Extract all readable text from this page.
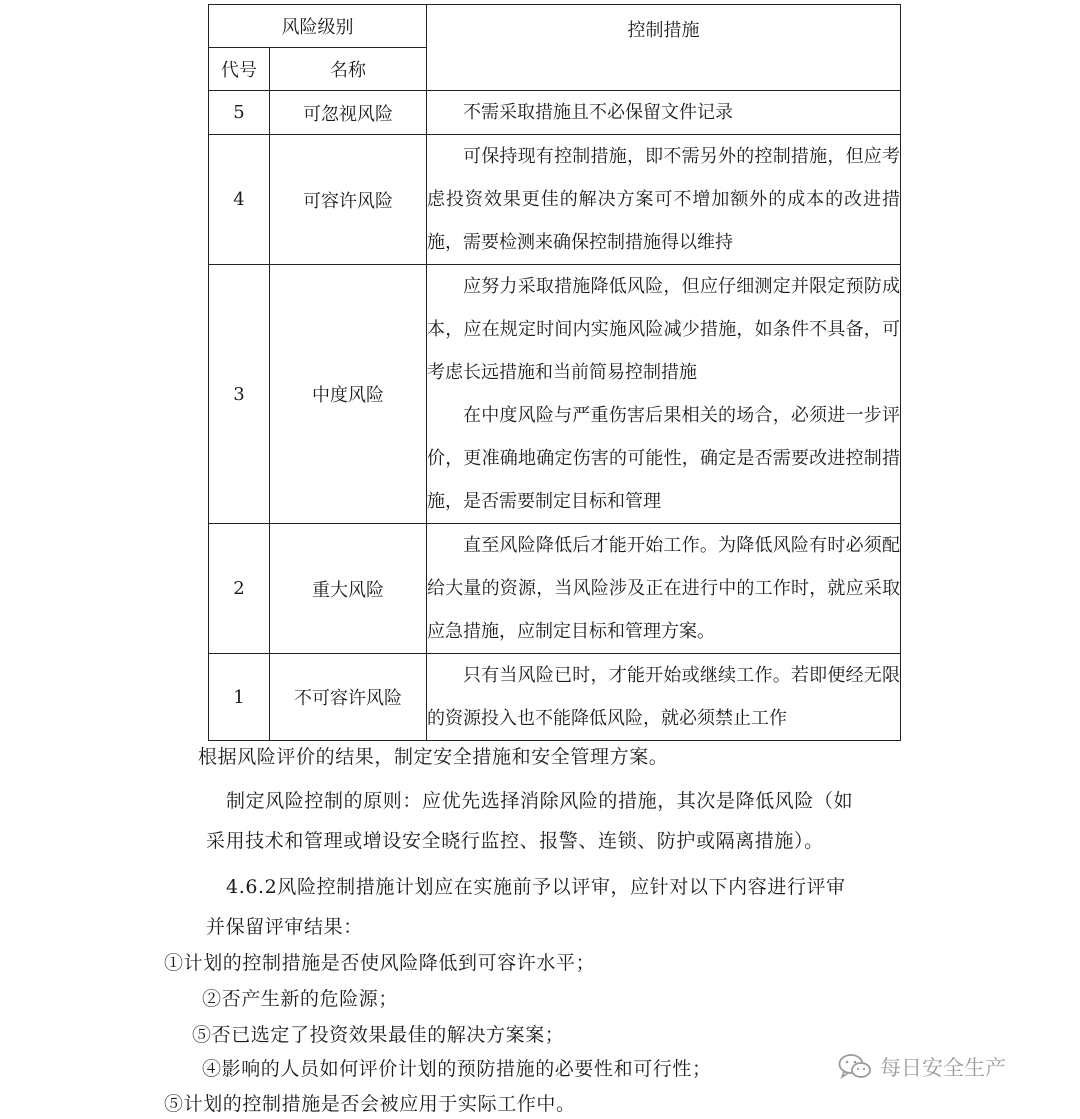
风险级别		控制措施
代号	名称	
5	可忽视风险	不需采取措施且不必保留文件记录

4	可容许风险	可保持现有控制措施，即不需另外的控制措施，但应考虑投资效果更佳的解决方案可不增加额外的成本的改进措施，需要检测来确保控制措施得以维持

3	中度风险	应努力采取措施降低风险，但应仔细测定并限定预防成本，应在规定时间内实施风险减少措施，如条件不具备，可考虑长远措施和当前简易控制措施

在中度风险与严重伤害后果相关的场合，必须进一步评价，更准确地确定伤害的可能性，确定是否需要改进控制措施，是否需要制定目标和管理

2	重大风险	直至风险降低后才能开始工作。为降低风险有时必须配给大量的资源，当风险涉及正在进行中的工作时，就应采取应急措施，应制定目标和管理方案。

1	不可容许风险	只有当风险已时，才能开始或继续工作。若即便经无限的资源投入也不能降低风险，就必须禁止工作

根据风险评价的结果，制定安全措施和安全管理方案。
制定风险控制的原则：应优先选择消除风险的措施，其次是降低风险（如
采用技术和管理或增设安全晓行监控、报警、连锁、防护或隔离措施）。
4.6.2风险控制措施计划应在实施前予以评审，应针对以下内容进行评审
并保留评审结果：
①计划的控制措施是否使风险降低到可容许水平；
②否产生新的危险源；
⑤否已选定了投资效果最佳的解决方案案；
④影响的人员如何评价计划的预防措施的必要性和可行性；
⑤计划的控制措施是否会被应用于实际工作中。
每日安全生产
